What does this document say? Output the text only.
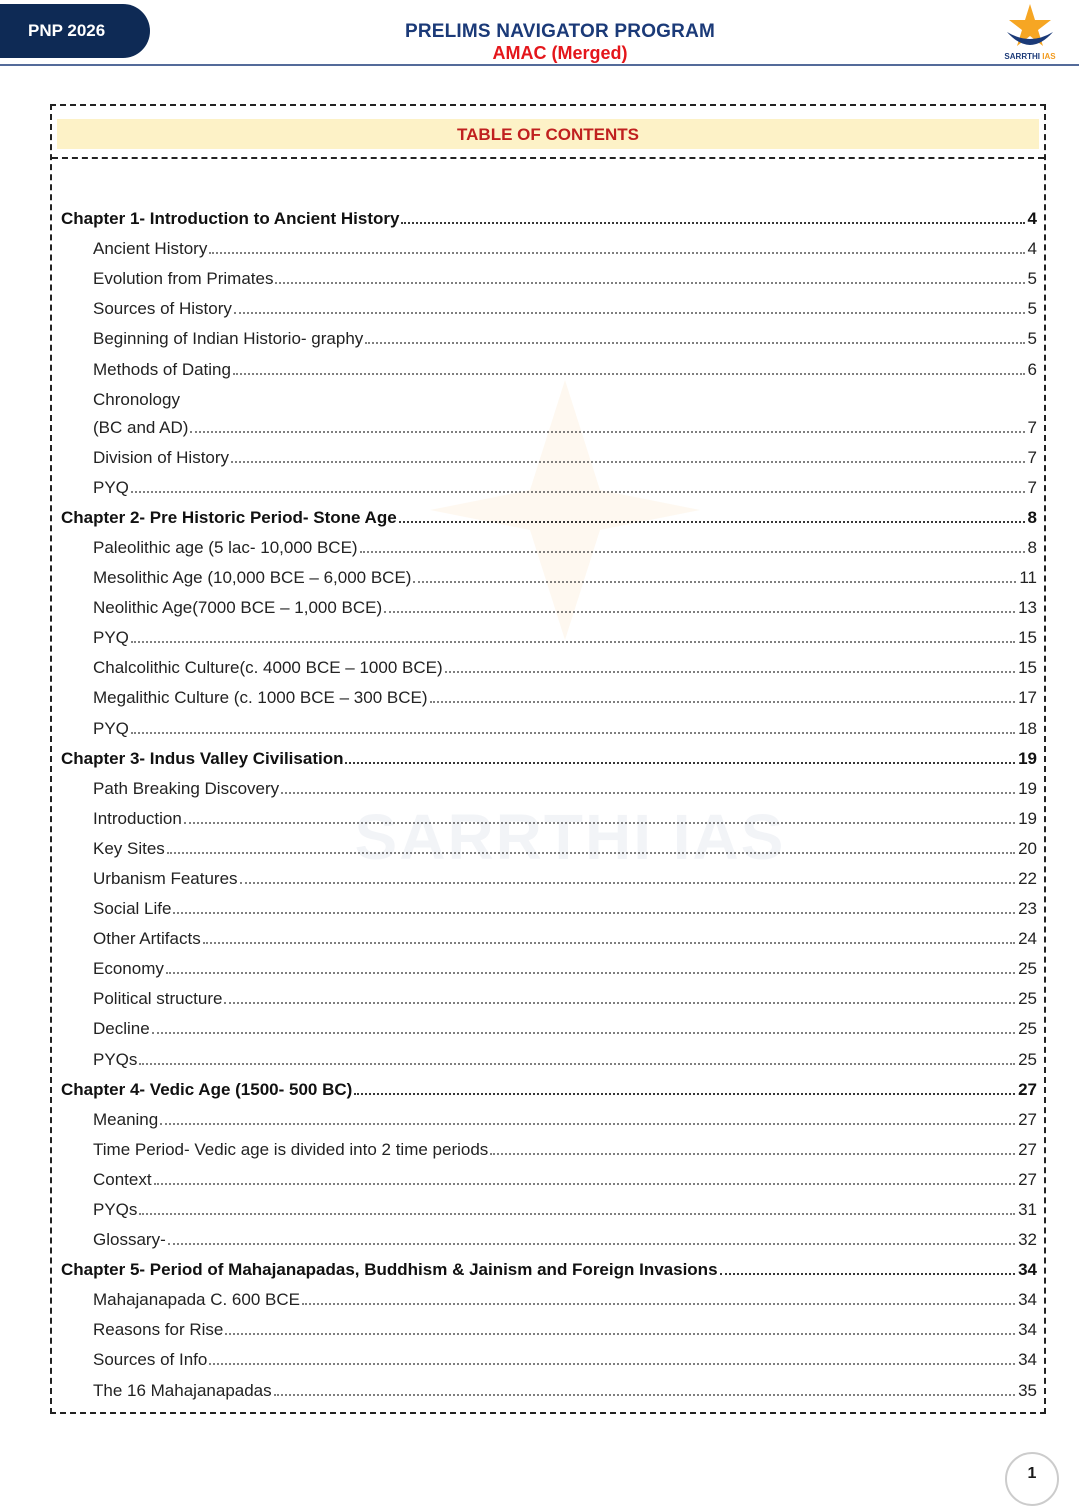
PNP 2026	PRELIMS NAVIGATOR PROGRAM
AMAC (Merged)	SARRTHI IAS
TABLE OF CONTENTS
SARRTHI IAS
Chapter 1- Introduction to Ancient History	4
Ancient History	4
Evolution from Primates	5
Sources of History	5
Beginning of Indian Historio- graphy	5
Methods of Dating	6
Chronology
(BC and AD)	7
Division of History	7
PYQ	7
Chapter 2- Pre Historic Period- Stone Age	8
Paleolithic age (5 lac- 10,000 BCE)	8
Mesolithic Age (10,000 BCE – 6,000 BCE)	11
Neolithic Age(7000 BCE – 1,000 BCE)	13
PYQ	15
Chalcolithic Culture(c. 4000 BCE – 1000 BCE)	15
Megalithic Culture (c. 1000 BCE – 300 BCE)	17
PYQ	18
Chapter 3- Indus Valley Civilisation	19
Path Breaking Discovery	19
Introduction	19
Key Sites	20
Urbanism Features	22
Social Life	23
Other Artifacts	24
Economy	25
Political structure	25
Decline	25
PYQs	25
Chapter 4- Vedic Age (1500- 500 BC)	27
Meaning	27
Time Period- Vedic age is divided into 2 time periods	27
Context	27
PYQs	31
Glossary-	32
Chapter 5- Period of Mahajanapadas, Buddhism & Jainism and Foreign Invasions	34
Mahajanapada C. 600 BCE	34
Reasons for Rise	34
Sources of Info	34
The 16 Mahajanapadas	35
1
